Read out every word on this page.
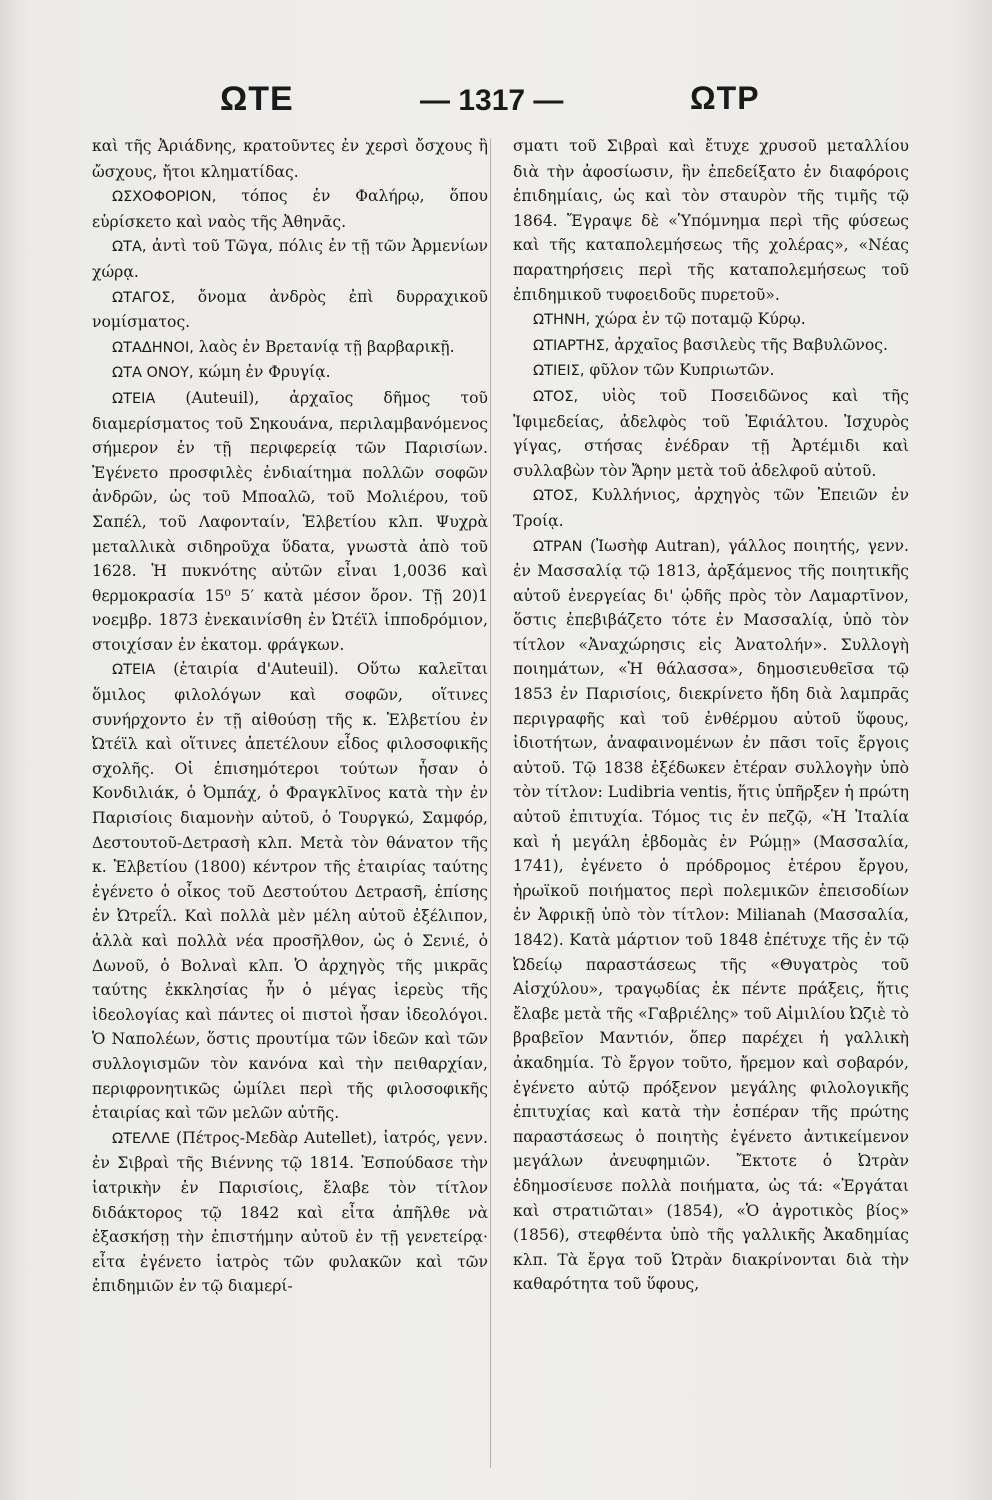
ΩΤΕ	— 1317 —	ΩΤΡ

καὶ τῆς Ἀριάδνης, κρατοῦντες ἐν χερσὶ ὄσχους ἢ ὤσχους, ἤτοι κληματίδας.

ΩΣΧΟΦΟΡΙΟΝ, τόπος ἐν Φαλήρῳ, ὅπου εὑρίσκετο καὶ ναὸς τῆς Ἀθηνᾶς.

ΩΤΑ, ἀντὶ τοῦ Τῶγα, πόλις ἐν τῇ τῶν Ἀρμενίων χώρᾳ.

ΩΤΑΓΟΣ, ὄνομα ἀνδρὸς ἐπὶ δυρραχικοῦ νομίσματος.

ΩΤΑΔΗΝΟΙ, λαὸς ἐν Βρετανίᾳ τῇ βαρβαρικῇ.

ΩΤΑ ΟΝΟΥ, κώμη ἐν Φρυγίᾳ.

ΩΤΕΙΑ (Auteuil), ἀρχαῖος δῆμος τοῦ διαμερίσματος τοῦ Σηκουάνα, περιλαμβανόμενος σήμερον ἐν τῇ περιφερείᾳ τῶν Παρισίων. Ἐγένετο προσφιλὲς ἐνδιαίτημα πολλῶν σοφῶν ἀνδρῶν, ὡς τοῦ Μποαλῶ, τοῦ Μολιέρου, τοῦ Σαπέλ, τοῦ Λαφονταίν, Ἑλβετίου κλπ. Ψυχρὰ μεταλλικὰ σιδηροῦχα ὕδατα, γνωστὰ ἀπὸ τοῦ 1628. Ἡ πυκνότης αὐτῶν εἶναι 1,0036 καὶ θερμοκρασία 15⁰ 5′ κατὰ μέσον ὅρον. Τῇ 20)1 νοεμβρ. 1873 ἐνεκαινίσθη ἐν Ὠτέϊλ ἱπποδρόμιον, στοιχίσαν ἐν ἑκατομ. φράγκων.

ΩΤΕΙΑ (ἑταιρία d'Auteuil). Οὕτω καλεῖται ὅμιλος φιλολόγων καὶ σοφῶν, οἵτινες συνήρχοντο ἐν τῇ αἰθούσῃ τῆς κ. Ἑλβετίου ἐν Ὠτέϊλ καὶ οἵτινες ἀπετέλουν εἶδος φιλοσοφικῆς σχολῆς. Οἱ ἐπισημότεροι τούτων ἦσαν ὁ Κονδιλιάκ, ὁ Ὀμπάχ, ὁ Φραγκλῖνος κατὰ τὴν ἐν Παρισίοις διαμονὴν αὐτοῦ, ὁ Τουργκώ, Σαμφόρ, Δεστουτοῦ-Δετρασὴ κλπ. Μετὰ τὸν θάνατον τῆς κ. Ἑλβετίου (1800) κέντρον τῆς ἑταιρίας ταύτης ἐγένετο ὁ οἶκος τοῦ Δεστούτου Δετρασῆ, ἐπίσης ἐν Ὠτρεΐλ. Καὶ πολλὰ μὲν μέλη αὐτοῦ ἐξέλιπον, ἀλλὰ καὶ πολλὰ νέα προσῆλθον, ὡς ὁ Σενιέ, ὁ Δωνοῦ, ὁ Βολναὶ κλπ. Ὁ ἀρχηγὸς τῆς μικρᾶς ταύτης ἐκκλησίας ἦν ὁ μέγας ἱερεὺς τῆς ἰδεολογίας καὶ πάντες οἱ πιστοὶ ἦσαν ἰδεολόγοι. Ὁ Ναπολέων, ὅστις προυτίμα τῶν ἰδεῶν καὶ τῶν συλλογισμῶν τὸν κανόνα καὶ τὴν πειθαρχίαν, περιφρονητικῶς ὡμίλει περὶ τῆς φιλοσοφικῆς ἑταιρίας καὶ τῶν μελῶν αὐτῆς.

ΩΤΕΛΛΕ (Πέτρος-Μεδὰρ Autellet), ἰατρός, γενν. ἐν Σιβραὶ τῆς Βιέννης τῷ 1814. Ἐσπούδασε τὴν ἰατρικὴν ἐν Παρισίοις, ἔλαβε τὸν τίτλον διδάκτορος τῷ 1842 καὶ εἶτα ἀπῆλθε νὰ ἐξασκήσῃ τὴν ἐπιστήμην αὐτοῦ ἐν τῇ γενετείρᾳ· εἶτα ἐγένετο ἰατρὸς τῶν φυλακῶν καὶ τῶν ἐπιδημιῶν ἐν τῷ διαμερί-

σματι τοῦ Σιβραὶ καὶ ἔτυχε χρυσοῦ μεταλλίου διὰ τὴν ἀφοσίωσιν, ἣν ἐπεδείξατο ἐν διαφόροις ἐπιδημίαις, ὡς καὶ τὸν σταυρὸν τῆς τιμῆς τῷ 1864. Ἔγραψε δὲ «Ὑπόμνημα περὶ τῆς φύσεως καὶ τῆς καταπολεμήσεως τῆς χολέρας», «Νέας παρατηρήσεις περὶ τῆς καταπολεμήσεως τοῦ ἐπιδημικοῦ τυφοειδοῦς πυρετοῦ».

ΩΤΗΝΗ, χώρα ἐν τῷ ποταμῷ Κύρῳ.

ΩΤΙΑΡΤΗΣ, ἀρχαῖος βασιλεὺς τῆς Βαβυλῶνος.

ΩΤΙΕΙΣ, φῦλον τῶν Κυπριωτῶν.

ΩΤΟΣ, υἱὸς τοῦ Ποσειδῶνος καὶ τῆς Ἰφιμεδείας, ἀδελφὸς τοῦ Ἐφιάλτου. Ἰσχυρὸς γίγας, στήσας ἐνέδραν τῇ Ἀρτέμιδι καὶ συλλαβὼν τὸν Ἄρην μετὰ τοῦ ἀδελφοῦ αὐτοῦ.

ΩΤΟΣ, Κυλλήνιος, ἀρχηγὸς τῶν Ἐπειῶν ἐν Τροίᾳ.

ΩΤΡΑΝ (Ἰωσὴφ Autran), γάλλος ποιητής, γενν. ἐν Μασσαλίᾳ τῷ 1813, ἀρξάμενος τῆς ποιητικῆς αὐτοῦ ἐνεργείας δι' ᾠδῆς πρὸς τὸν Λαμαρτῖνον, ὅστις ἐπεβιβάζετο τότε ἐν Μασσαλίᾳ, ὑπὸ τὸν τίτλον «Ἀναχώρησις εἰς Ἀνατολήν». Συλλογὴ ποιημάτων, «Ἡ θάλασσα», δημοσιευθεῖσα τῷ 1853 ἐν Παρισίοις, διεκρίνετο ἤδη διὰ λαμπρᾶς περιγραφῆς καὶ τοῦ ἐνθέρμου αὐτοῦ ὕφους, ἰδιοτήτων, ἀναφαινομένων ἐν πᾶσι τοῖς ἔργοις αὐτοῦ. Τῷ 1838 ἐξέδωκεν ἑτέραν συλλογὴν ὑπὸ τὸν τίτλον: Ludibria ventis, ἥτις ὑπῆρξεν ἡ πρώτη αὐτοῦ ἐπιτυχία. Τόμος τις ἐν πεζῷ, «Ἡ Ἰταλία καὶ ἡ μεγάλη ἑβδομὰς ἐν Ρώμῃ» (Μασσαλία, 1741), ἐγένετο ὁ πρόδρομος ἑτέρου ἔργου, ἡρωϊκοῦ ποιήματος περὶ πολεμικῶν ἐπεισοδίων ἐν Ἀφρικῇ ὑπὸ τὸν τίτλον: Milianah (Μασσαλία, 1842). Κατὰ μάρτιον τοῦ 1848 ἐπέτυχε τῆς ἐν τῷ Ὠδείῳ παραστάσεως τῆς «Θυγατρὸς τοῦ Αἰσχύλου», τραγῳδίας ἐκ πέντε πράξεις, ἥτις ἔλαβε μετὰ τῆς «Γαβριέλης» τοῦ Αἰμιλίου Ὠζιὲ τὸ βραβεῖον Μαντιόν, ὅπερ παρέχει ἡ γαλλικὴ ἀκαδημία. Τὸ ἔργον τοῦτο, ἤρεμον καὶ σοβαρόν, ἐγένετο αὐτῷ πρόξενον μεγάλης φιλολογικῆς ἐπιτυχίας καὶ κατὰ τὴν ἑσπέραν τῆς πρώτης παραστάσεως ὁ ποιητὴς ἐγένετο ἀντικείμενον μεγάλων ἀνευφημιῶν. Ἔκτοτε ὁ Ὠτρὰν ἐδημοσίευσε πολλὰ ποιήματα, ὡς τά: «Ἐργάται καὶ στρατιῶται» (1854), «Ὁ ἀγροτικὸς βίος» (1856), στεφθέντα ὑπὸ τῆς γαλλικῆς Ἀκαδημίας κλπ. Τὰ ἔργα τοῦ Ὠτρὰν διακρίνονται διὰ τὴν καθαρότητα τοῦ ὕφους,
